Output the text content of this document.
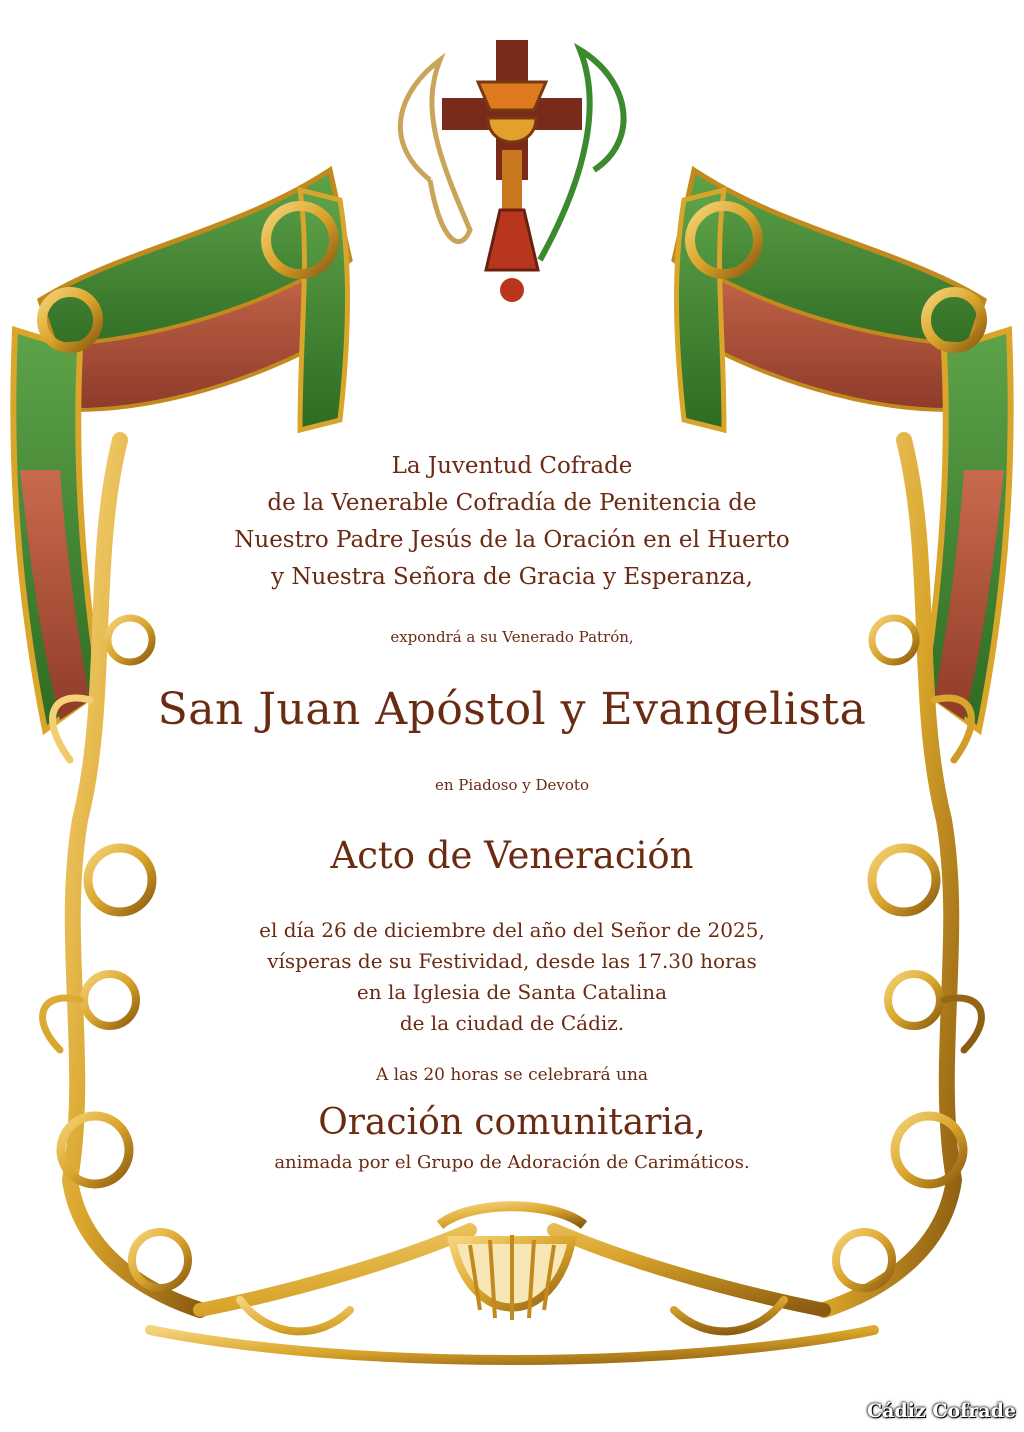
La Juventud Cofrade
de la Venerable Cofradía de Penitencia de
Nuestro Padre Jesús de la Oración en el Huerto
y Nuestra Señora de Gracia y Esperanza,
expondrá a su Venerado Patrón,
San Juan Apóstol y Evangelista
en Piadoso y Devoto
Acto de Veneración
el día 26 de diciembre del año del Señor de 2025,
vísperas de su Festividad, desde las 17.30 horas
en la Iglesia de Santa Catalina
de la ciudad de Cádiz.
A las 20 horas se celebrará una
Oración comunitaria,
animada por el Grupo de Adoración de Carimáticos.
Cádiz Cofrade
